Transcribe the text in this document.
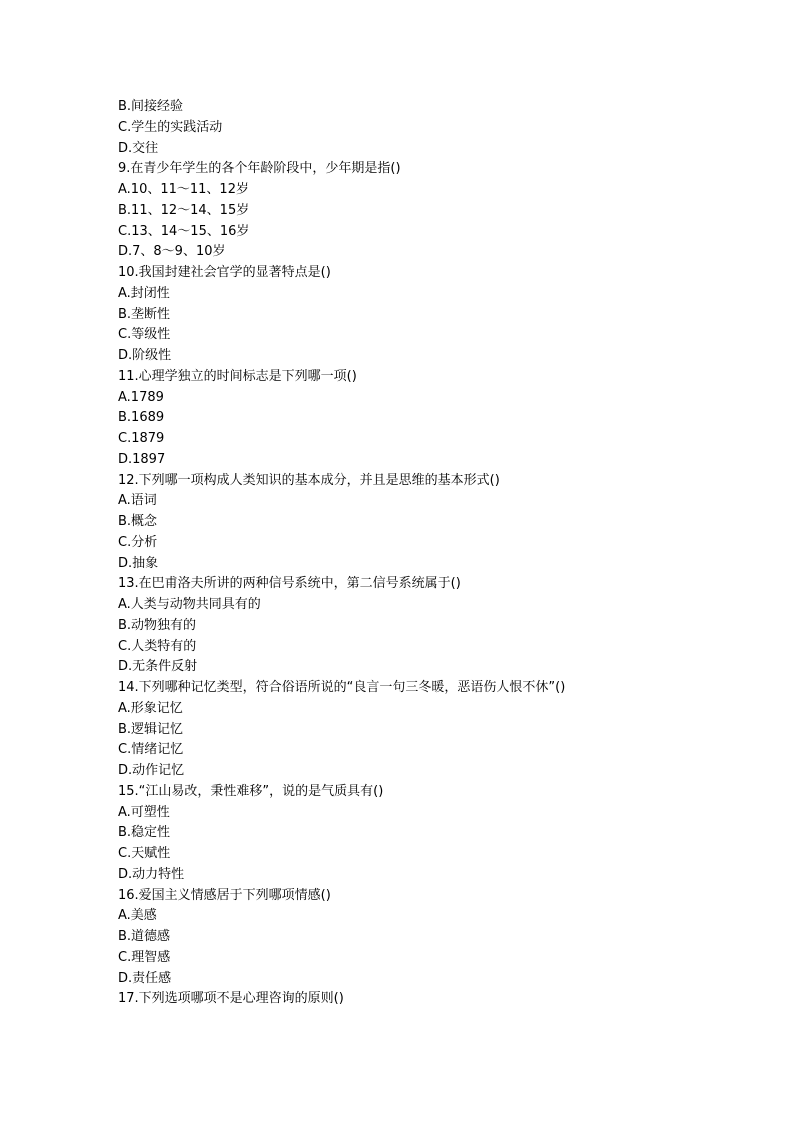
B.间接经验
C.学生的实践活动
D.交往
9.在青少年学生的各个年龄阶段中，少年期是指()
A.10、11～11、12岁
B.11、12～14、15岁
C.13、14～15、16岁
D.7、8～9、10岁
10.我国封建社会官学的显著特点是()
A.封闭性
B.垄断性
C.等级性
D.阶级性
11.心理学独立的时间标志是下列哪一项()
A.1789
B.1689
C.1879
D.1897
12.下列哪一项构成人类知识的基本成分，并且是思维的基本形式()
A.语词
B.概念
C.分析
D.抽象
13.在巴甫洛夫所讲的两种信号系统中，第二信号系统属于()
A.人类与动物共同具有的
B.动物独有的
C.人类特有的
D.无条件反射
14.下列哪种记忆类型，符合俗语所说的“良言一句三冬暖，恶语伤人恨不休”()
A.形象记忆
B.逻辑记忆
C.情绪记忆
D.动作记忆
15.“江山易改，秉性难移”，说的是气质具有()
A.可塑性
B.稳定性
C.天赋性
D.动力特性
16.爱国主义情感居于下列哪项情感()
A.美感
B.道德感
C.理智感
D.责任感
17.下列选项哪项不是心理咨询的原则()
